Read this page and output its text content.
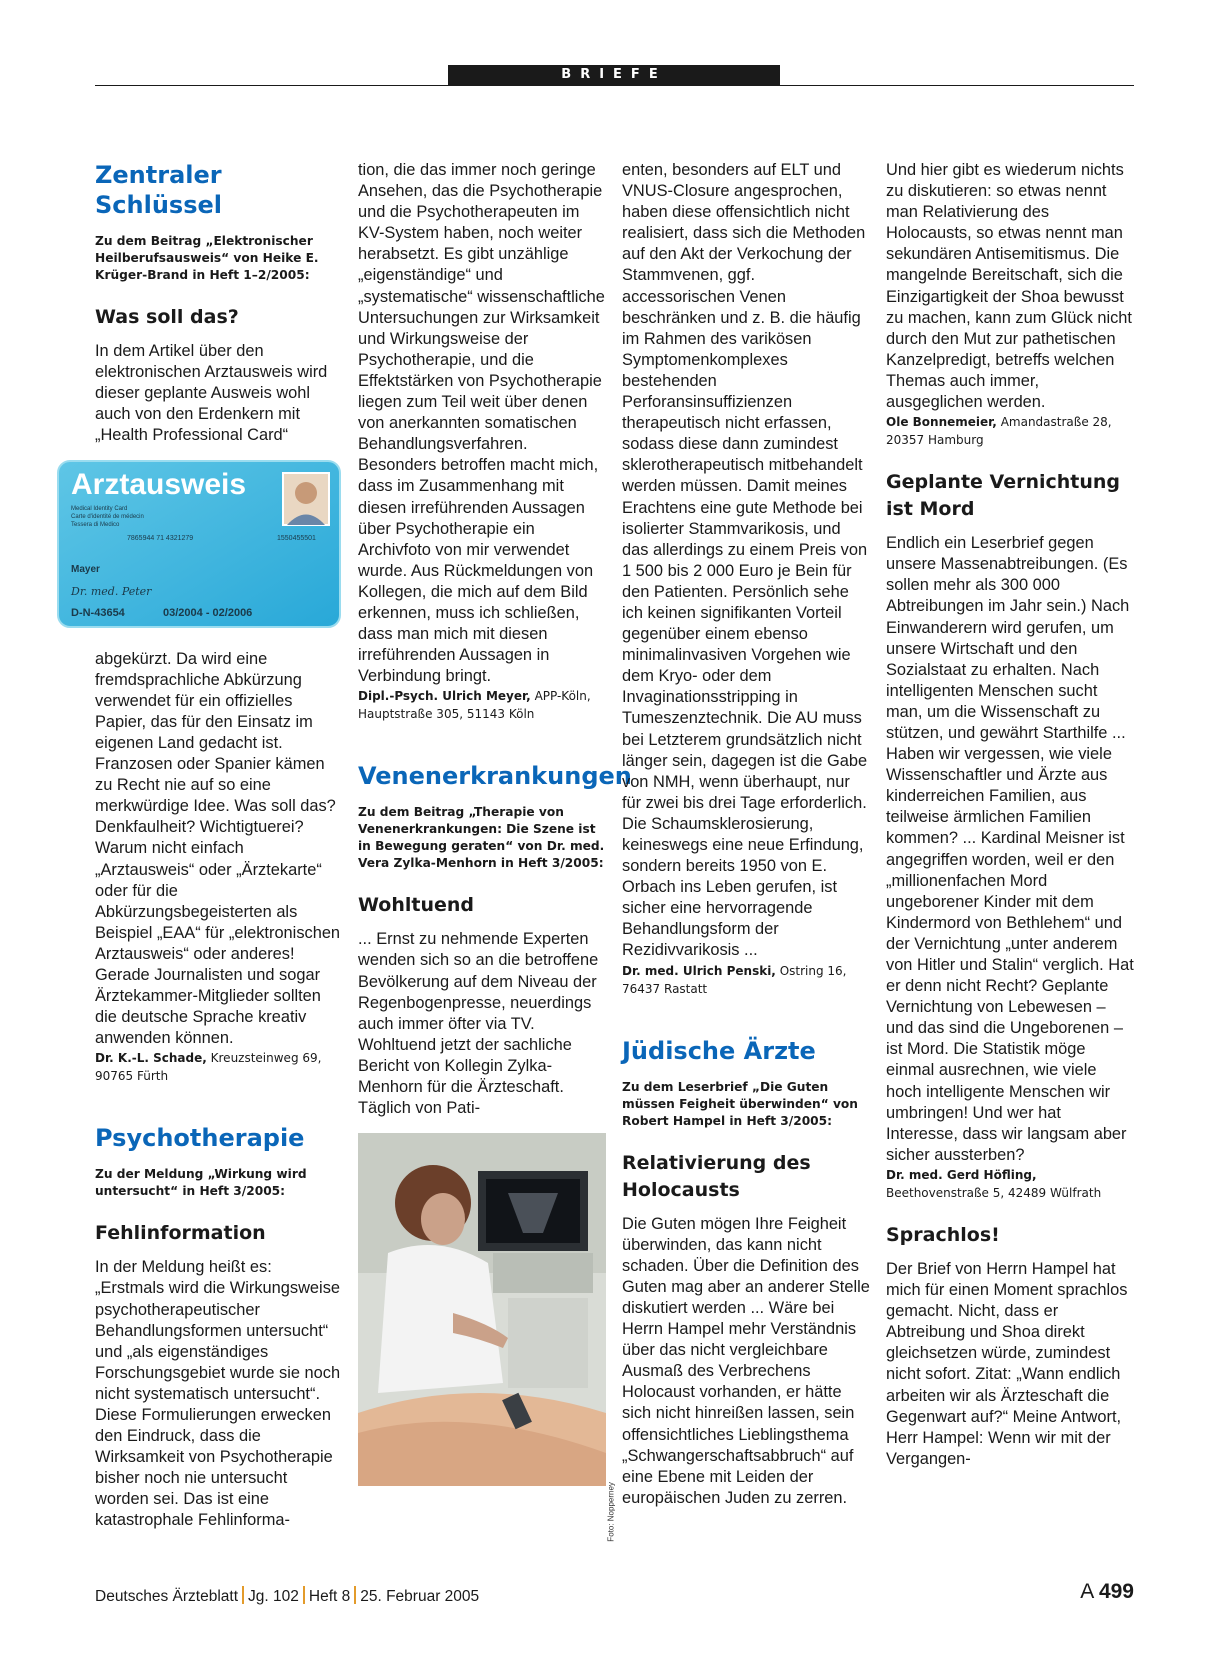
BRIEFE
Zentraler Schlüssel
Zu dem Beitrag „Elektronischer Heilberufsausweis“ von Heike E. Krüger-Brand in Heft 1–2/2005:
Was soll das?

In dem Artikel über den elektronischen Arztausweis wird dieser geplante Ausweis wohl auch von den Erdenkern mit „Health Professional Card“

Arztausweis
Medical Identity Card
Carte d'identité de médecin
Tessera di Medico
7865944 71 4321279	1550455501
Mayer
Dr. med. Peter
D-N-43654	03/2004 - 02/2006

abgekürzt. Da wird eine fremdsprachliche Abkürzung verwendet für ein offizielles Papier, das für den Einsatz im eigenen Land gedacht ist. Franzosen oder Spanier kämen zu Recht nie auf so eine merkwürdige Idee. Was soll das? Denkfaulheit? Wichtigtuerei? Warum nicht einfach „Arztausweis“ oder „Ärztekarte“ oder für die Abkürzungsbegeisterten als Beispiel „EAA“ für „elektronischen Arztausweis“ oder anderes! Gerade Journalisten und sogar Ärztekammer-Mitglieder sollten die deutsche Sprache kreativ anwenden können.

Dr. K.-L. Schade, Kreuzsteinweg 69, 90765 Fürth

Psychotherapie
Zu der Meldung „Wirkung wird untersucht“ in Heft 3/2005:
Fehlinformation

In der Meldung heißt es: „Erstmals wird die Wirkungsweise psychotherapeutischer Behandlungsformen untersucht“ und „als eigenständiges Forschungsgebiet wurde sie noch nicht systematisch untersucht“. Diese Formulierungen erwecken den Eindruck, dass die Wirksamkeit von Psychotherapie bisher noch nie untersucht worden sei. Das ist eine katastrophale Fehlinforma-

tion, die das immer noch geringe Ansehen, das die Psychotherapie und die Psychotherapeuten im KV-System haben, noch weiter herabsetzt. Es gibt unzählige „eigenständige“ und „systematische“ wissenschaftliche Untersuchungen zur Wirksamkeit und Wirkungsweise der Psychotherapie, und die Effektstärken von Psychotherapie liegen zum Teil weit über denen von anerkannten somatischen Behandlungsverfahren. Besonders betroffen macht mich, dass im Zusammenhang mit diesen irreführenden Aussagen über Psychotherapie ein Archivfoto von mir verwendet wurde. Aus Rückmeldungen von Kollegen, die mich auf dem Bild erkennen, muss ich schließen, dass man mich mit diesen irreführenden Aussagen in Verbindung bringt.

Dipl.-Psych. Ulrich Meyer, APP-Köln, Hauptstraße 305, 51143 Köln

Venenerkrankungen
Zu dem Beitrag „Therapie von Venenerkrankungen: Die Szene ist in Bewegung geraten“ von Dr. med. Vera Zylka-Menhorn in Heft 3/2005:
Wohltuend

... Ernst zu nehmende Experten wenden sich so an die betroffene Bevölkerung auf dem Niveau der Regenbogenpresse, neuerdings auch immer öfter via TV. Wohltuend jetzt der sachliche Bericht von Kollegin Zylka-Menhorn für die Ärzteschaft. Täglich von Pati-

Foto: Nopperney

enten, besonders auf ELT und VNUS-Closure angesprochen, haben diese offensichtlich nicht realisiert, dass sich die Methoden auf den Akt der Verkochung der Stammvenen, ggf. accessorischen Venen beschränken und z. B. die häufig im Rahmen des varikösen Symptomenkomplexes bestehenden Perforansinsuffizienzen therapeutisch nicht erfassen, sodass diese dann zumindest sklerotherapeutisch mitbehandelt werden müssen. Damit meines Erachtens eine gute Methode bei isolierter Stammvarikosis, und das allerdings zu einem Preis von 1 500 bis 2 000 Euro je Bein für den Patienten. Persönlich sehe ich keinen signifikanten Vorteil gegenüber einem ebenso minimalinvasiven Vorgehen wie dem Kryo- oder dem Invaginationsstripping in Tumeszenztechnik. Die AU muss bei Letzterem grundsätzlich nicht länger sein, dagegen ist die Gabe von NMH, wenn überhaupt, nur für zwei bis drei Tage erforderlich. Die Schaumsklerosierung, keineswegs eine neue Erfindung, sondern bereits 1950 von E. Orbach ins Leben gerufen, ist sicher eine hervorragende Behandlungsform der Rezidivvarikosis ...

Dr. med. Ulrich Penski, Ostring 16, 76437 Rastatt

Jüdische Ärzte
Zu dem Leserbrief „Die Guten müssen Feigheit überwinden“ von Robert Hampel in Heft 3/2005:
Relativierung des Holocausts

Die Guten mögen Ihre Feigheit überwinden, das kann nicht schaden. Über die Definition des Guten mag aber an anderer Stelle diskutiert werden ... Wäre bei Herrn Hampel mehr Verständnis über das nicht vergleichbare Ausmaß des Verbrechens Holocaust vorhanden, er hätte sich nicht hinreißen lassen, sein offensichtliches Lieblingsthema „Schwangerschaftsabbruch“ auf eine Ebene mit Leiden der europäischen Juden zu zerren.

Und hier gibt es wiederum nichts zu diskutieren: so etwas nennt man Relativierung des Holocausts, so etwas nennt man sekundären Antisemitismus. Die mangelnde Bereitschaft, sich die Einzigartigkeit der Shoa bewusst zu machen, kann zum Glück nicht durch den Mut zur pathetischen Kanzelpredigt, betreffs welchen Themas auch immer, ausgeglichen werden.

Ole Bonnemeier, Amandastraße 28, 20357 Hamburg

Geplante Vernichtung ist Mord

Endlich ein Leserbrief gegen unsere Massenabtreibungen. (Es sollen mehr als 300 000 Abtreibungen im Jahr sein.) Nach Einwanderern wird gerufen, um unsere Wirtschaft und den Sozialstaat zu erhalten. Nach intelligenten Menschen sucht man, um die Wissenschaft zu stützen, und gewährt Starthilfe ... Haben wir vergessen, wie viele Wissenschaftler und Ärzte aus kinderreichen Familien, aus teilweise ärmlichen Familien kommen? ... Kardinal Meisner ist angegriffen worden, weil er den „millionenfachen Mord ungeborener Kinder mit dem Kindermord von Bethlehem“ und der Vernichtung „unter anderem von Hitler und Stalin“ verglich. Hat er denn nicht Recht? Geplante Vernichtung von Lebewesen – und das sind die Ungeborenen – ist Mord. Die Statistik möge einmal ausrechnen, wie viele hoch intelligente Menschen wir umbringen! Und wer hat Interesse, dass wir langsam aber sicher aussterben?

Dr. med. Gerd Höfling, Beethovenstraße 5, 42489 Wülfrath

Sprachlos!

Der Brief von Herrn Hampel hat mich für einen Moment sprachlos gemacht. Nicht, dass er Abtreibung und Shoa direkt gleichsetzen würde, zumindest nicht sofort. Zitat: „Wann endlich arbeiten wir als Ärzteschaft die Gegenwart auf?“ Meine Antwort, Herr Hampel: Wenn wir mit der Vergangen-

Deutsches Ärzteblatt Jg. 102 Heft 8 25. Februar 2005	A 499
